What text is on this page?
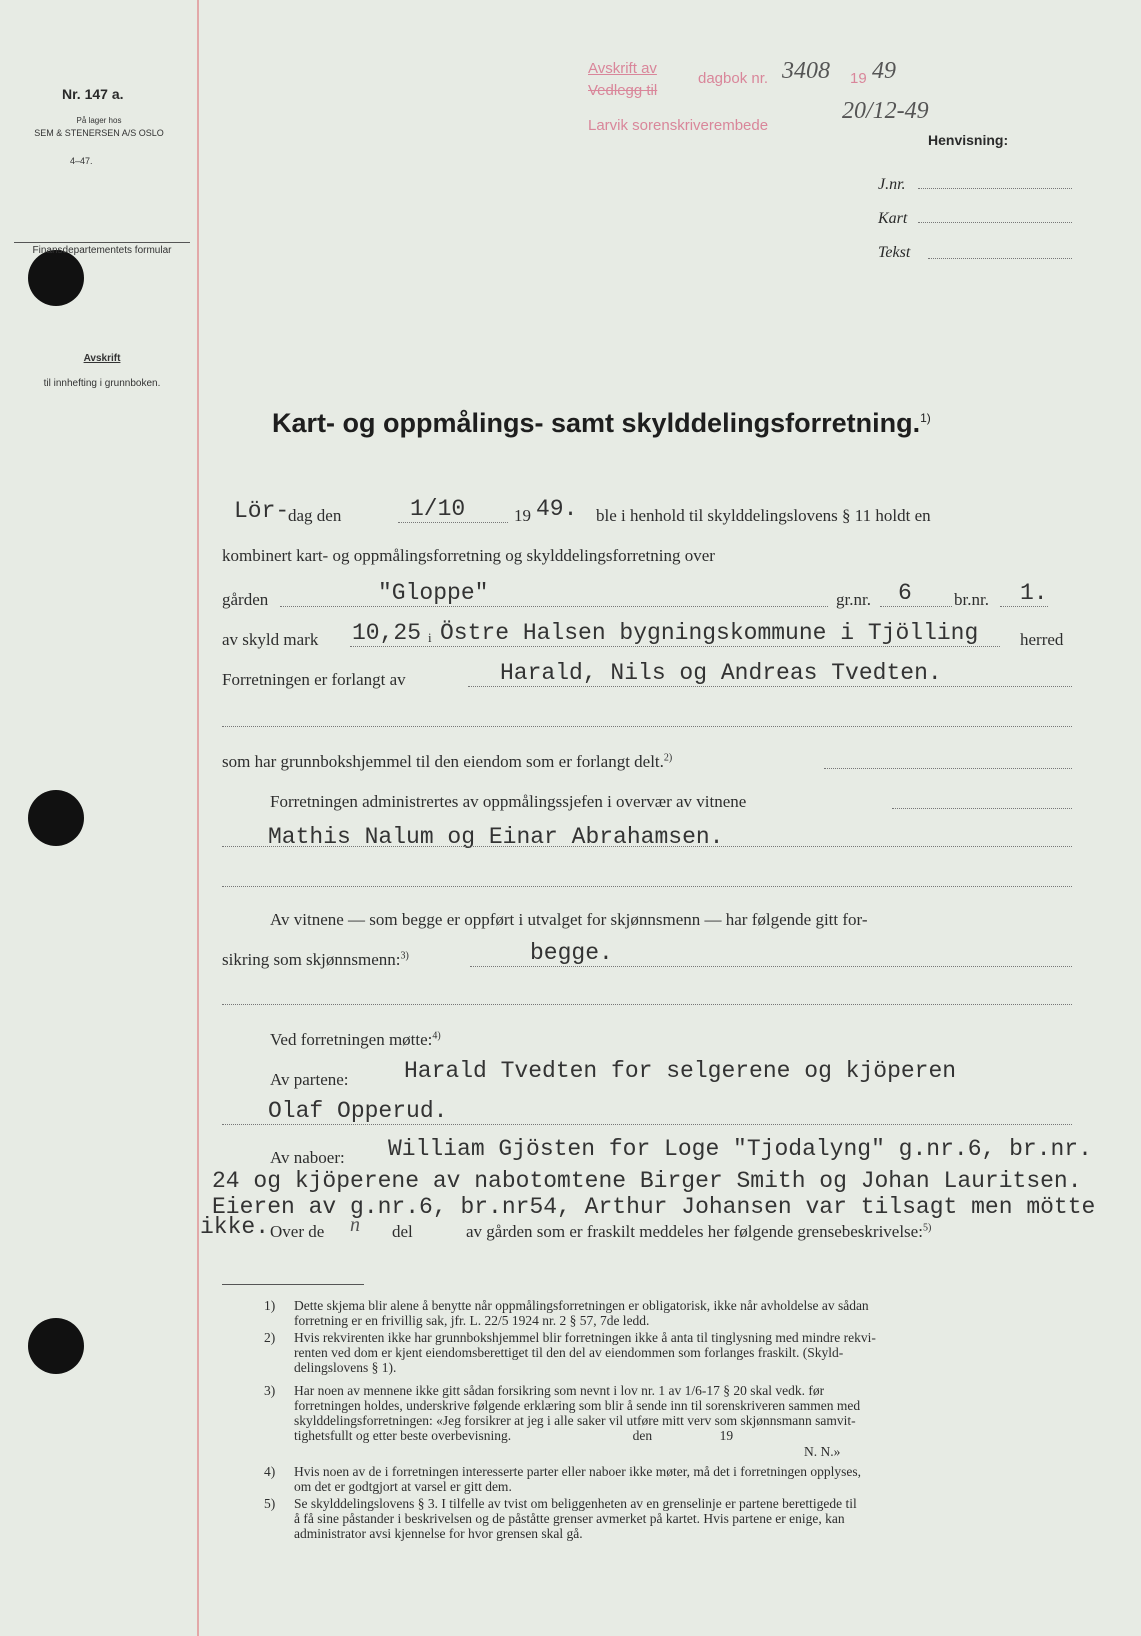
Nr. 147 a.
På lager hos
SEM & STENERSEN A/S OSLO
4–47.
Finansdepartementets formular
Avskrift
til innhefting i grunnboken.
Avskrift av
Vedlegg til
dagbok nr. 3408 19 49
Larvik sorenskriverembede
20/12-49
Henvisning:
J.nr.
Kart
Tekst
Kart- og oppmålings- samt skylddelingsforretning.$^{1)}$
Lör-
dag den	1/10	19 49. ble i henhold til skylddelingslovens § 11 holdt en
kombinert kart- og oppmålingsforretning og skylddelingsforretning over
gården	"Gloppe"	gr.nr. 6 br.nr. 1.
av skyld mark 10,25 i Östre Halsen bygningskommune i Tjölling herred
Forretningen er forlangt av	Harald, Nils og Andreas Tvedten.
som har grunnbokshjemmel til den eiendom som er forlangt delt.$^{2)}$
Forretningen administrertes av oppmålingssjefen i overvær av vitnene
Mathis Nalum og Einar Abrahamsen.
Av vitnene — som begge er oppført i utvalget for skjønnsmenn — har følgende gitt for-
sikring som skjønnsmenn:$^{3)}$	begge.
Ved forretningen møtte:$^{4)}$
Av partene: Harald Tvedten for selgerene og kjöperen
Olaf Opperud.
Av naboer: William Gjösten for Loge "Tjodalyng" g.nr.6, br.nr.
24 og kjöperene av nabotomtene Birger Smith og Johan Lauritsen.
Eieren av g.nr.6, br.nr54, Arthur Johansen var tilsagt men mötte
ikke. Over de n del	av gården som er fraskilt meddeles her følgende grensebeskrivelse:$^{5)}$
1) Dette skjema blir alene å benytte når oppmålingsforretningen er obligatorisk, ikke når avholdelse av sådan
forretning er en frivillig sak, jfr. L. 22/5 1924 nr. 2 § 57, 7de ledd.
2) Hvis rekvirenten ikke har grunnbokshjemmel blir forretningen ikke å anta til tinglysning med mindre rekvi-
renten ved dom er kjent eiendomsberettiget til den del av eiendommen som forlanges fraskilt. (Skyld-
delingslovens § 1).
3) Har noen av mennene ikke gitt sådan forsikring som nevnt i lov nr. 1 av 1/6-17 § 20 skal vedk. før
forretningen holdes, underskrive følgende erklæring som blir å sende inn til sorenskriveren sammen med
skylddelingsforretningen: «Jeg forsikrer at jeg i alle saker vil utføre mitt verv som skjønnsmann samvit-
tighetsfullt og etter beste overbevisning.                                    den                    19
N. N.»
4) Hvis noen av de i forretningen interesserte parter eller naboer ikke møter, må det i forretningen opplyses,
om det er godtgjort at varsel er gitt dem.
5) Se skylddelingslovens § 3. I tilfelle av tvist om beliggenheten av en grenselinje er partene berettigede til
å få sine påstander i beskrivelsen og de påståtte grenser avmerket på kartet. Hvis partene er enige, kan
administrator avsi kjennelse for hvor grensen skal gå.
